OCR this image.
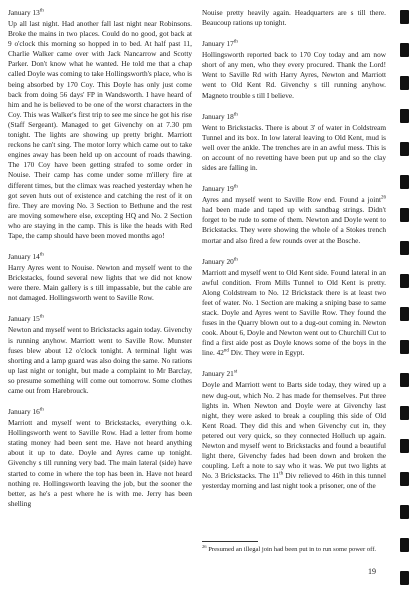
January 13th

Up all last night. Had another fall last night near Robinsons. Broke the mains in two places. Could do no good, got back at 9 o'clock this morning so hopped in to bed. At half past 11, Charlie Walker came over with Jack Nancarrow and Scotty Parker. Don't know what he wanted. He told me that a chap called Doyle was coming to take Hollingsworth's place, who is being absorbed by 170 Coy. This Doyle has only just come back from doing 56 days' FP in Wandsworth. I have heard of him and he is believed to be one of the worst characters in the Coy. This was Walker's first trip to see me since he got his rise (Staff Sergeant). Managed to get Givenchy on at 7.30 pm tonight. The lights are showing up pretty bright. Marriott reckons he can't sing. The motor lorry which came out to take engines away has been held up on account of roads thawing. The 170 Coy have been getting strafed to some order in Nouise. Their camp has come under some m'illery fire at different times, but the climax was reached yesterday when he got seven huts out of existence and catching the rest of it on fire. They are moving No. 3 Section to Bethune and the rest are moving somewhere else, excepting HQ and No. 2 Section who are staying in the camp. This is like the heads with Red Tape, the camp should have been moved months ago!

January 14th

Harry Ayres went to Nouise. Newton and myself went to the Brickstacks, found several new lights that we did not know were there. Main gallery is s till impassable, but the cable are not damaged. Hollingsworth went to Saville Row.

January 15th

Newton and myself went to Brickstacks again today. Givenchy is running anyhow. Marriott went to Saville Row. Munster fuses blew about 12 o'clock tonight. A terminal light was shorting and a lamp guard was also doing the same. No rations up last night or tonight, but made a complaint to Mr Barclay, so presume something will come out tomorrow. Some clothes came out from Harebrouck.

January 16th

Marriott and myself went to Brickstacks, everything o.k. Hollingsworth went to Saville Row. Had a letter from home stating money had been sent me. Have not heard anything about it up to date. Doyle and Ayres came up tonight. Givenchy s till running very bad. The main lateral (side) have started to come in where the top has been in. Have not heard nothing re. Hollingsworth leaving the job, but the sooner the better, as he's a pest where he is with me. Jerry has been shelling

Nouise pretty heavily again. Headquarters are s till there. Beaucoup rations up tonight.

January 17th

Hollingsworth reported back to 170 Coy today and am now short of any men, who they every procured. Thank the Lord! Went to Saville Rd with Harry Ayres, Newton and Marriott went to Old Kent Rd. Givenchy s till running anyhow. Magneto trouble s till I believe.

January 18th

Went to Brickstacks. There is about 3' of water in Coldstream Tunnel and its box. In low lateral leaving to Old Kent, mud is well over the ankle. The trenches are in an awful mess. This is on account of no revetting have been put up and so the clay sides are falling in.

January 19th

Ayres and myself went to Saville Row end. Found a joint$^{26}$ had been made and taped up with sandbag strings. Didn't forget to be rude to some of them. Newton and Doyle went to Brickstacks. They were showing the whole of a Stokes trench mortar and also fired a few rounds over at the Bosche.

January 20th

Marriott and myself went to Old Kent side. Found lateral in an awful condition. From Mills Tunnel to Old Kent is pretty. Along Coldstream to No. 12 Brickstack there is at least two feet of water. No. 1 Section are making a sniping base to same stack. Doyle and Ayres went to Saville Row. They found the fuses in the Quarry blown out to a dug-out coming in. Newton cook. About 6, Doyle and Newton went out to Churchill Cut to find a first aide post as Doyle knows some of the boys in the line. 42nd Div. They were in Egypt.

January 21st

Doyle and Marriott went to Barts side today, they wired up a new dug-out, which No. 2 has made for themselves. Put three lights in. When Newton and Doyle were at Givenchy last night, they were asked to break a coupling this side of Old Kent Road. They did this and when Givenchy cut in, they petered out very quick, so they connected Holluch up again. Newton and myself went to Brickstacks and found a beautiful light there, Givenchy fades had been down and broken the coupling. Left a note to say who it was. We put two lights at No. 3 Brickstacks. The 11th Div relieved to 46th in this tunnel yesterday morning and last night took a prisoner, one of the

$^{26}$ Presumed an illegal join had been put in to run some power off.

19
